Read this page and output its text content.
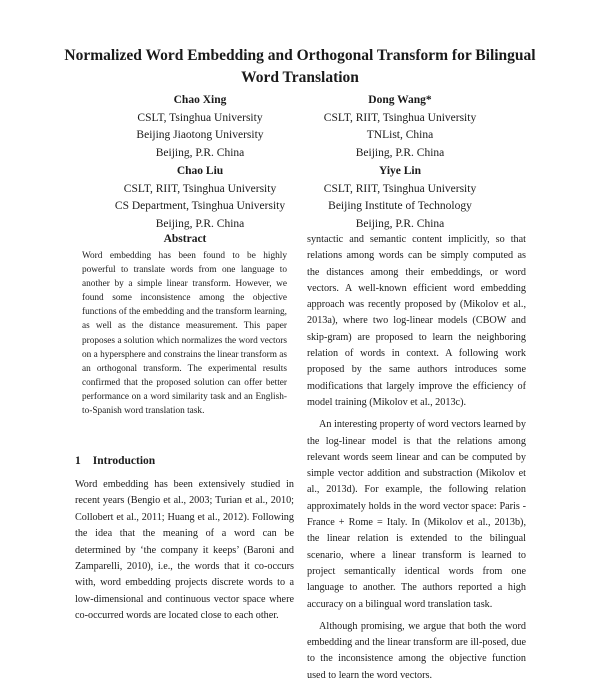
Normalized Word Embedding and Orthogonal Transform for Bilingual Word Translation
Chao Xing
CSLT, Tsinghua University
Beijing Jiaotong University
Beijing, P.R. China
Dong Wang*
CSLT, RIIT, Tsinghua University
TNList, China
Beijing, P.R. China
Chao Liu
CSLT, RIIT, Tsinghua University
CS Department, Tsinghua University
Beijing, P.R. China
Yiye Lin
CSLT, RIIT, Tsinghua University
Beijing Institute of Technology
Beijing, P.R. China
Abstract

Word embedding has been found to be highly powerful to translate words from one language to another by a simple linear transform. However, we found some inconsistence among the objective functions of the embedding and the transform learning, as well as the distance measurement. This paper proposes a solution which normalizes the word vectors on a hypersphere and constrains the linear transform as an orthogonal transform. The experimental results confirmed that the proposed solution can offer better performance on a word similarity task and an English-to-Spanish word translation task.

1 Introduction

Word embedding has been extensively studied in recent years (Bengio et al., 2003; Turian et al., 2010; Collobert et al., 2011; Huang et al., 2012). Following the idea that the meaning of a word can be determined by ‘the company it keeps’ (Baroni and Zamparelli, 2010), i.e., the words that it co-occurs with, word embedding projects discrete words to a low-dimensional and continuous vector space where co-occurred words are located close to each other.

syntactic and semantic content implicitly, so that relations among words can be simply computed as the distances among their embeddings, or word vectors. A well-known efficient word embedding approach was recently proposed by (Mikolov et al., 2013a), where two log-linear models (CBOW and skip-gram) are proposed to learn the neighboring relation of words in context. A following work proposed by the same authors introduces some modifications that largely improve the efficiency of model training (Mikolov et al., 2013c).

An interesting property of word vectors learned by the log-linear model is that the relations among relevant words seem linear and can be computed by simple vector addition and substraction (Mikolov et al., 2013d). For example, the following relation approximately holds in the word vector space: Paris - France + Rome = Italy. In (Mikolov et al., 2013b), the linear relation is extended to the bilingual scenario, where a linear transform is learned to project semantically identical words from one language to another. The authors reported a high accuracy on a bilingual word translation task.

Although promising, we argue that both the word embedding and the linear transform are ill-posed, due to the inconsistence among the objective function used to learn the word vectors.
